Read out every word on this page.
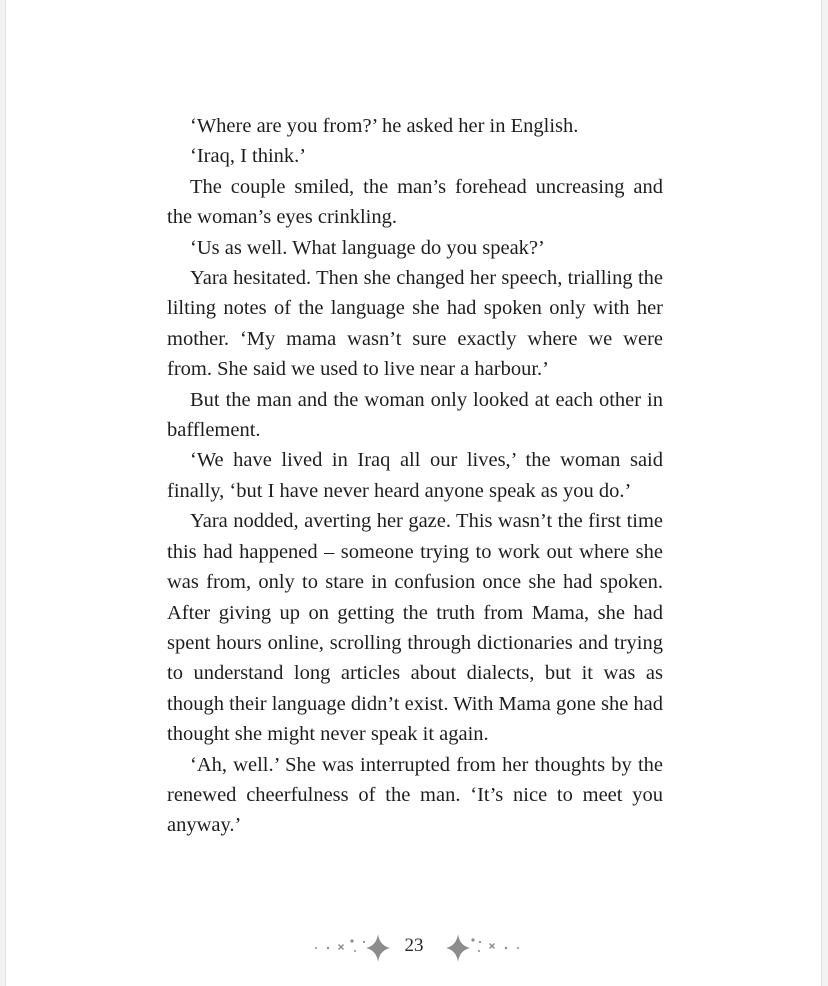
‘Where are you from?’ he asked her in English.

‘Iraq, I think.’

The couple smiled, the man’s forehead uncreasing and the woman’s eyes crinkling.

‘Us as well. What language do you speak?’

Yara hesitated. Then she changed her speech, trialling the lilting notes of the language she had spoken only with her mother. ‘My mama wasn’t sure exactly where we were from. She said we used to live near a harbour.’

But the man and the woman only looked at each other in bafflement.

‘We have lived in Iraq all our lives,’ the woman said finally, ‘but I have never heard anyone speak as you do.’

Yara nodded, averting her gaze. This wasn’t the first time this had happened – someone trying to work out where she was from, only to stare in confusion once she had spoken. After giving up on getting the truth from Mama, she had spent hours online, scrolling through dictionaries and trying to understand long articles about dialects, but it was as though their language didn’t exist. With Mama gone she had thought she might never speak it again.

‘Ah, well.’ She was interrupted from her thoughts by the renewed cheerfulness of the man. ‘It’s nice to meet you anyway.’

23
